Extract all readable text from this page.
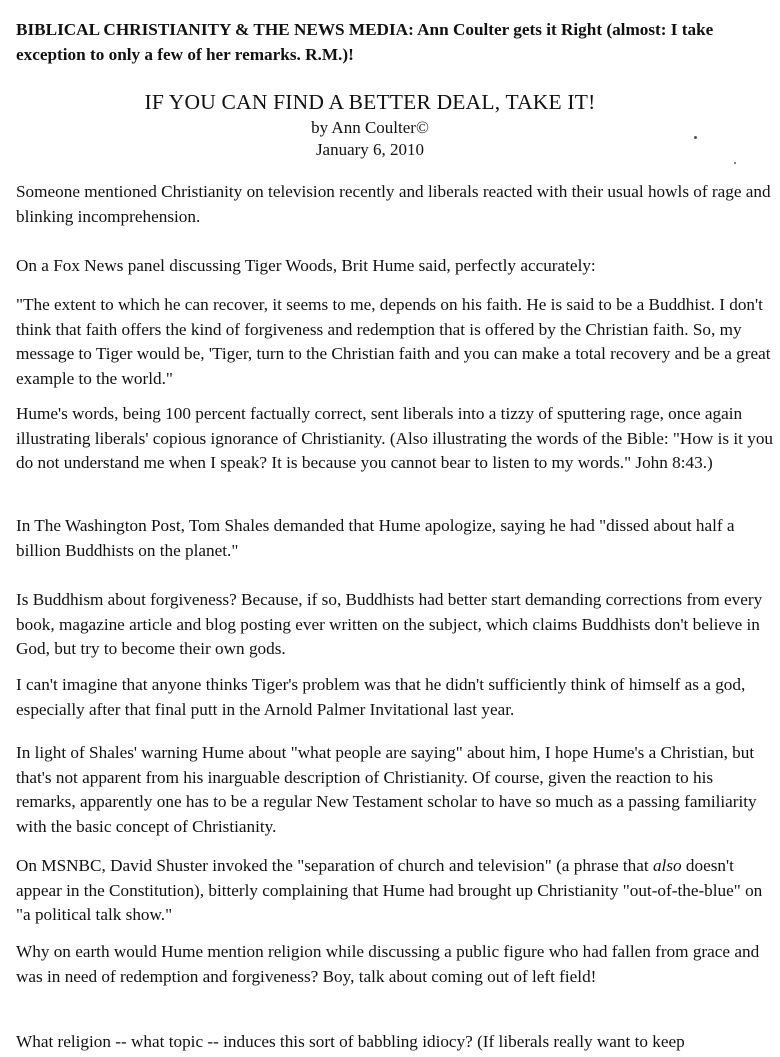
BIBLICAL CHRISTIANITY & THE NEWS MEDIA: Ann Coulter gets it Right (almost: I take exception to only a few of her remarks. R.M.)!
IF YOU CAN FIND A BETTER DEAL, TAKE IT!
by Ann Coulter©
January 6, 2010
Someone mentioned Christianity on television recently and liberals reacted with their usual howls of rage and blinking incomprehension.
On a Fox News panel discussing Tiger Woods, Brit Hume said, perfectly accurately:
"The extent to which he can recover, it seems to me, depends on his faith. He is said to be a Buddhist. I don't think that faith offers the kind of forgiveness and redemption that is offered by the Christian faith. So, my message to Tiger would be, 'Tiger, turn to the Christian faith and you can make a total recovery and be a great example to the world."
Hume's words, being 100 percent factually correct, sent liberals into a tizzy of sputtering rage, once again illustrating liberals' copious ignorance of Christianity. (Also illustrating the words of the Bible: "How is it you do not understand me when I speak? It is because you cannot bear to listen to my words." John 8:43.)
In The Washington Post, Tom Shales demanded that Hume apologize, saying he had "dissed about half a billion Buddhists on the planet."
Is Buddhism about forgiveness? Because, if so, Buddhists had better start demanding corrections from every book, magazine article and blog posting ever written on the subject, which claims Buddhists don't believe in God, but try to become their own gods.
I can't imagine that anyone thinks Tiger's problem was that he didn't sufficiently think of himself as a god, especially after that final putt in the Arnold Palmer Invitational last year.
In light of Shales' warning Hume about "what people are saying" about him, I hope Hume's a Christian, but that's not apparent from his inarguable description of Christianity. Of course, given the reaction to his remarks, apparently one has to be a regular New Testament scholar to have so much as a passing familiarity with the basic concept of Christianity.
On MSNBC, David Shuster invoked the "separation of church and television" (a phrase that also doesn't appear in the Constitution), bitterly complaining that Hume had brought up Christianity "out-of-the-blue" on "a political talk show."
Why on earth would Hume mention religion while discussing a public figure who had fallen from grace and was in need of redemption and forgiveness? Boy, talk about coming out of left field!
What religion -- what topic -- induces this sort of babbling idiocy? (If liberals really want to keep
